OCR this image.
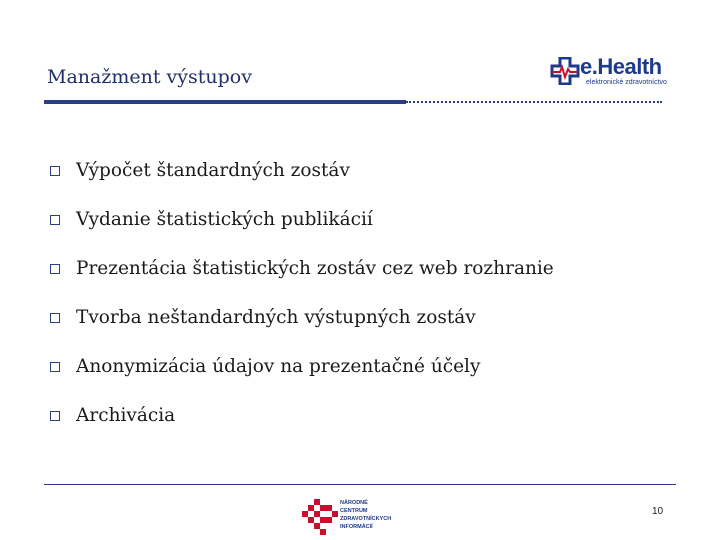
Manažment výstupov	e.Health
elektronické zdravotníctvo
Výpočet štandardných zostáv
Vydanie štatistických publikácií
Prezentácia štatistických zostáv cez web rozhranie
Tvorba neštandardných výstupných zostáv
Anonymizácia údajov na prezentačné účely
Archivácia
NÁRODNÉ
CENTRUM
ZDRAVOTNÍCKYCH
INFORMÁCIÍ
10
